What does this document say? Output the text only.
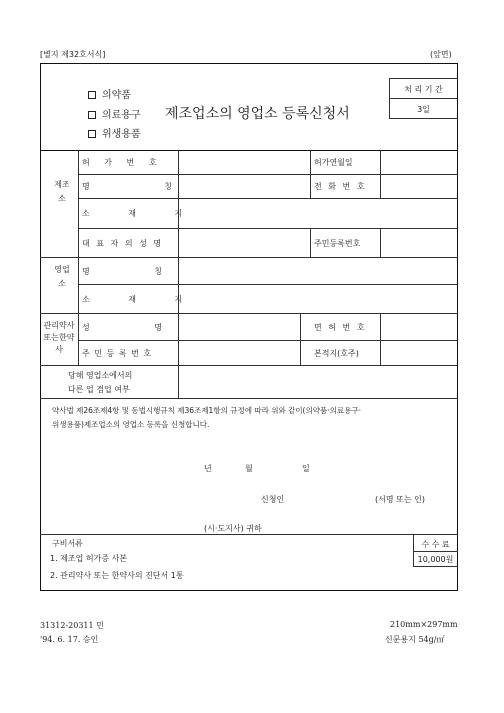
[별지 제32호서식]	(앞면)
의약품
의료용구
위생용품
제조업소의 영업소 등록신청서
처 리 기 간
3일
제조소
허 가 번 호	허가연월일
명 칭	전 화 번 호
소 재 지
대 표 자 의 성 명	주민등록번호
영업소
명 칭
소 재 지
관리약사또는한약사
성 명	면 허 번 호
주 민 등 록 번 호	본적지(호주)
당해 영업소에서의
다른 업 겸업 여부
약사법 제26조제4항 및 동법시행규칙 제36조제1항의 규정에 따라 위와 같이(의약품·의료용구·
위생용품)제조업소의 영업소 등록을 신청합니다.
년	월	일
신청인	(서명 또는 인)
(시·도지사) 귀하
구비서류
1. 제조업 허가증 사본
2. 관리약사 또는 한약사의 진단서 1통
수 수 료
10,000원
31312-20311 민
'94. 6. 17. 승인
210mm×297mm
신문용지 54g/㎡
